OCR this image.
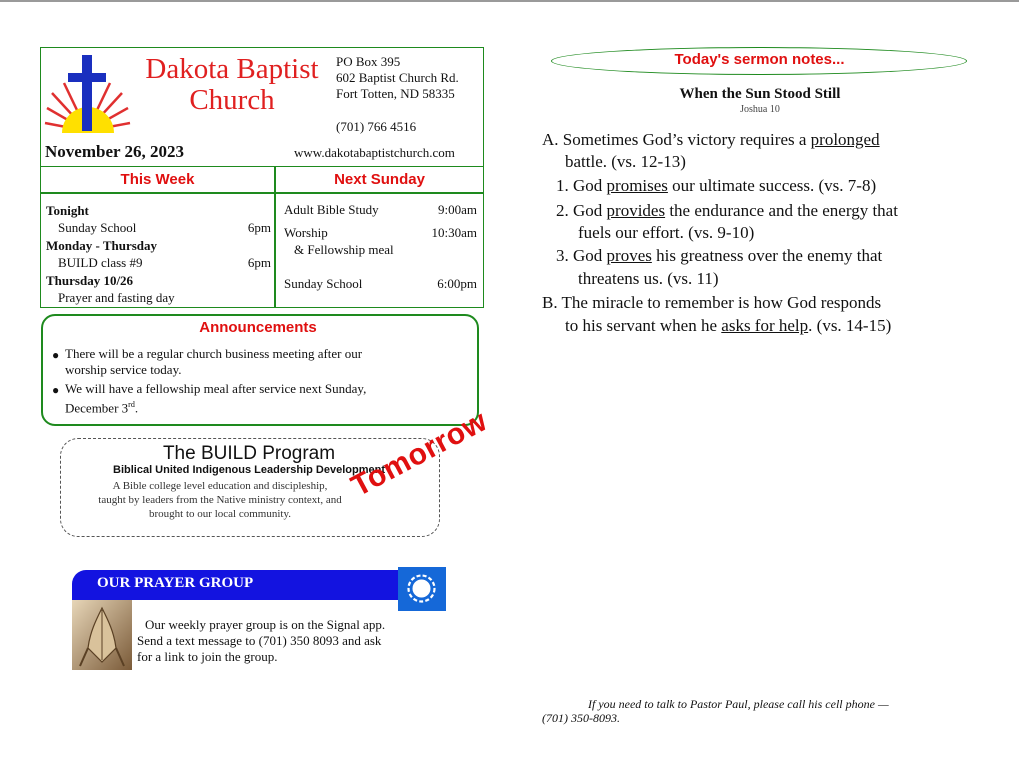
Dakota Baptist
Church
November 26, 2023
PO Box 395
602 Baptist Church Rd.
Fort Totten, ND 58335
(701) 766 4516
www.dakotabaptistchurch.com
This Week	Next Sunday
Tonight
Sunday School	6pm
Monday - Thursday
BUILD class #9	6pm
Thursday 10/26
Prayer and fasting day
Adult Bible Study	9:00am
Worship	10:30am
& Fellowship meal
Sunday School	6:00pm
Announcements
● There will be a regular church business meeting after our
worship service today.
● We will have a fellowship meal after service next Sunday,
December 3rd.
The BUILD Program
Biblical United Indigenous Leadership Development
A Bible college level education and discipleship,
taught by leaders from the Native ministry context, and
brought to our local community.
Tomorrow
OUR PRAYER GROUP
Our weekly prayer group is on the Signal app.
Send a text message to (701) 350 8093 and ask
for a link to join the group.
Today's sermon notes...
When the Sun Stood Still
Joshua 10
A. Sometimes God’s victory requires a prolonged
battle. (vs. 12-13)
1. God promises our ultimate success. (vs. 7-8)
2. God provides the endurance and the energy that
fuels our effort. (vs. 9-10)
3. God proves his greatness over the enemy that
threatens us. (vs. 11)
B. The miracle to remember is how God responds
to his servant when he asks for help. (vs. 14-15)
If you need to talk to Pastor Paul, please call his cell phone —
(701) 350-8093.
